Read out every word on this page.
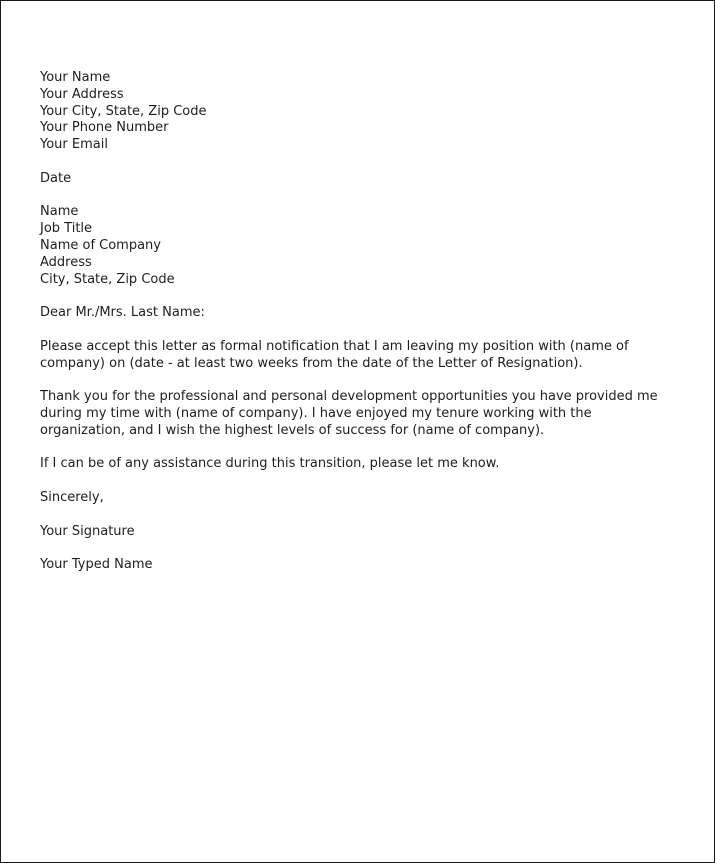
Your Name
Your Address
Your City, State, Zip Code
Your Phone Number
Your Email
Date
Name
Job Title
Name of Company
Address
City, State, Zip Code
Dear Mr./Mrs. Last Name:

Please accept this letter as formal notification that I am leaving my position with (name of company) on (date - at least two weeks from the date of the Letter of Resignation).

Thank you for the professional and personal development opportunities you have provided me during my time with (name of company). I have enjoyed my tenure working with the organization, and I wish the highest levels of success for (name of company).

If I can be of any assistance during this transition, please let me know.

Sincerely,
Your Signature
Your Typed Name
